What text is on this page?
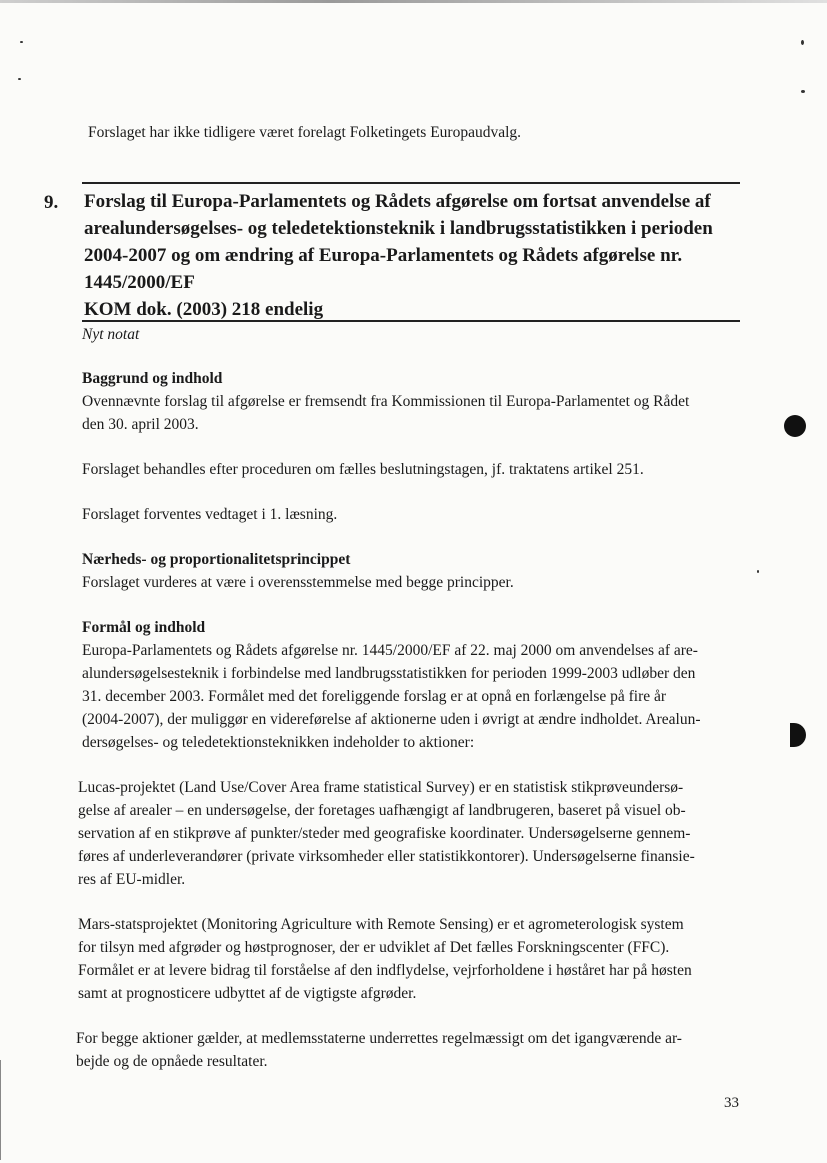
Forslaget har ikke tidligere været forelagt Folketingets Europaudvalg.
9. Forslag til Europa-Parlamentets og Rådets afgørelse om fortsat anvendelse af
arealundersøgelses- og teledetektionsteknik i landbrugsstatistikken i perioden
2004-2007 og om ændring af Europa-Parlamentets og Rådets afgørelse nr.
1445/2000/EF
KOM dok. (2003) 218 endelig
Nyt notat
Baggrund og indhold
Ovennævnte forslag til afgørelse er fremsendt fra Kommissionen til Europa-Parlamentet og Rådet
den 30. april 2003.
Forslaget behandles efter proceduren om fælles beslutningstagen, jf. traktatens artikel 251.
Forslaget forventes vedtaget i 1. læsning.
Nærheds- og proportionalitetsprincippet
Forslaget vurderes at være i overensstemmelse med begge principper.
Formål og indhold
Europa-Parlamentets og Rådets afgørelse nr. 1445/2000/EF af 22. maj 2000 om anvendelses af are-
alundersøgelsesteknik i forbindelse med landbrugsstatistikken for perioden 1999-2003 udløber den
31. december 2003. Formålet med det foreliggende forslag er at opnå en forlængelse på fire år
(2004-2007), der muliggør en videreførelse af aktionerne uden i øvrigt at ændre indholdet. Arealun-
dersøgelses- og teledetektionsteknikken indeholder to aktioner:
Lucas-projektet (Land Use/Cover Area frame statistical Survey) er en statistisk stikprøveundersø-
gelse af arealer – en undersøgelse, der foretages uafhængigt af landbrugeren, baseret på visuel ob-
servation af en stikprøve af punkter/steder med geografiske koordinater. Undersøgelserne gennem-
føres af underleverandører (private virksomheder eller statistikkontorer). Undersøgelserne finansie-
res af EU-midler.
Mars-statsprojektet (Monitoring Agriculture with Remote Sensing) er et agrometerologisk system
for tilsyn med afgrøder og høstprognoser, der er udviklet af Det fælles Forskningscenter (FFC).
Formålet er at levere bidrag til forståelse af den indflydelse, vejrforholdene i høståret har på høsten
samt at prognosticere udbyttet af de vigtigste afgrøder.
For begge aktioner gælder, at medlemsstaterne underrettes regelmæssigt om det igangværende ar-
bejde og de opnåede resultater.
33
